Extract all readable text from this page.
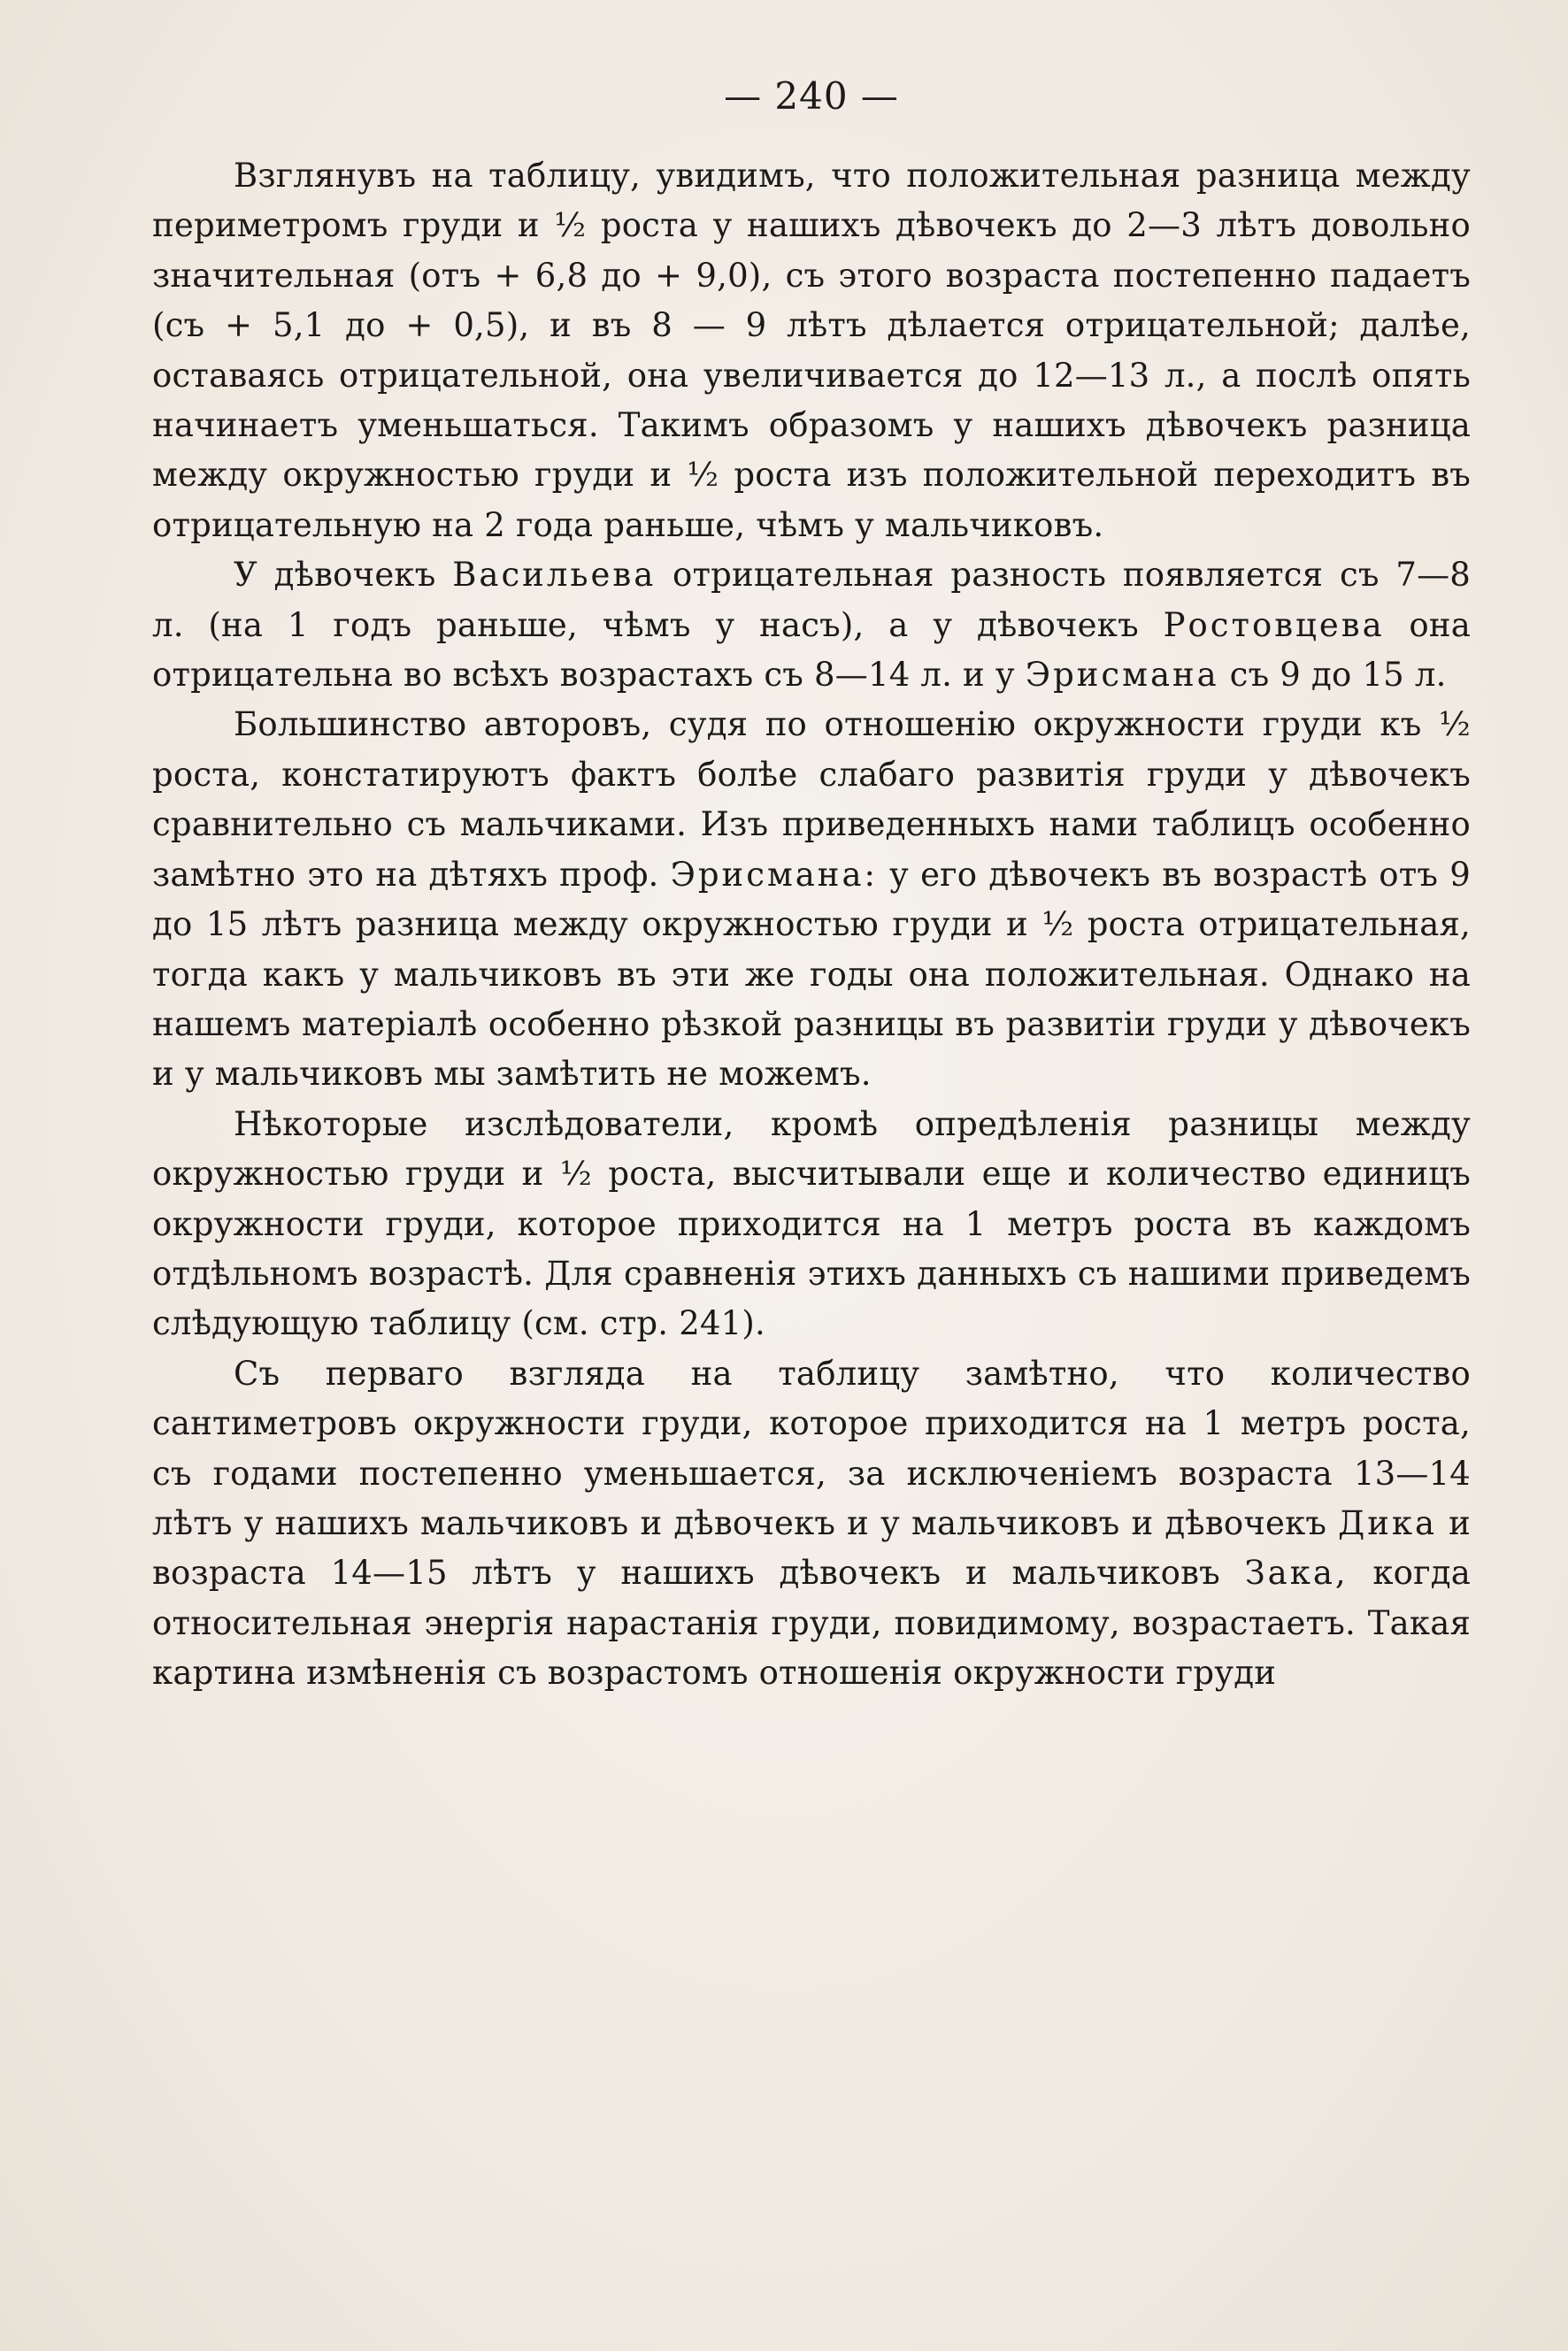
— 240 —

Взглянувъ на таблицу, увидимъ, что положительная разница между периметромъ груди и ½ роста у нашихъ дѣвочекъ до 2—3 лѣтъ довольно значительная (отъ + 6,8 до + 9,0), съ этого возраста постепенно падаетъ (съ + 5,1 до + 0,5), и въ 8 — 9 лѣтъ дѣлается отрицательной; далѣе, оставаясь отрицательной, она увеличивается до 12—13 л., а послѣ опять начинаетъ уменьшаться. Такимъ образомъ у нашихъ дѣвочекъ разница между окружностью груди и ½ роста изъ положительной переходитъ въ отрицательную на 2 года раньше, чѣмъ у мальчиковъ.

У дѣвочекъ Васильева отрицательная разность появляется съ 7—8 л. (на 1 годъ раньше, чѣмъ у насъ), а у дѣвочекъ Ростовцева она отрицательна во всѣхъ возрастахъ съ 8—14 л. и у Эрисмана съ 9 до 15 л.

Большинство авторовъ, судя по отношенію окружности груди къ ½ роста, констатируютъ фактъ болѣе слабаго развитія груди у дѣвочекъ сравнительно съ мальчиками. Изъ приведенныхъ нами таблицъ особенно замѣтно это на дѣтяхъ проф. Эрисмана: у его дѣвочекъ въ возрастѣ отъ 9 до 15 лѣтъ разница между окружностью груди и ½ роста отрицательная, тогда какъ у мальчиковъ въ эти же годы она положительная. Однако на нашемъ матеріалѣ особенно рѣзкой разницы въ развитіи груди у дѣвочекъ и у мальчиковъ мы замѣтить не можемъ.

Нѣкоторые изслѣдователи, кромѣ опредѣленія разницы между окружностью груди и ½ роста, высчитывали еще и количество единицъ окружности груди, которое приходится на 1 метръ роста въ каждомъ отдѣльномъ возрастѣ. Для сравненія этихъ данныхъ съ нашими приведемъ слѣдующую таблицу (см. стр. 241).

Съ перваго взгляда на таблицу замѣтно, что количество сантиметровъ окружности груди, которое приходится на 1 метръ роста, съ годами постепенно уменьшается, за исключеніемъ возраста 13—14 лѣтъ у нашихъ мальчиковъ и дѣвочекъ и у мальчиковъ и дѣвочекъ Дика и возраста 14—15 лѣтъ у нашихъ дѣвочекъ и мальчиковъ Зака, когда относительная энергія нарастанія груди, повидимому, возрастаетъ. Такая картина измѣненія съ возрастомъ отношенія окружности груди
